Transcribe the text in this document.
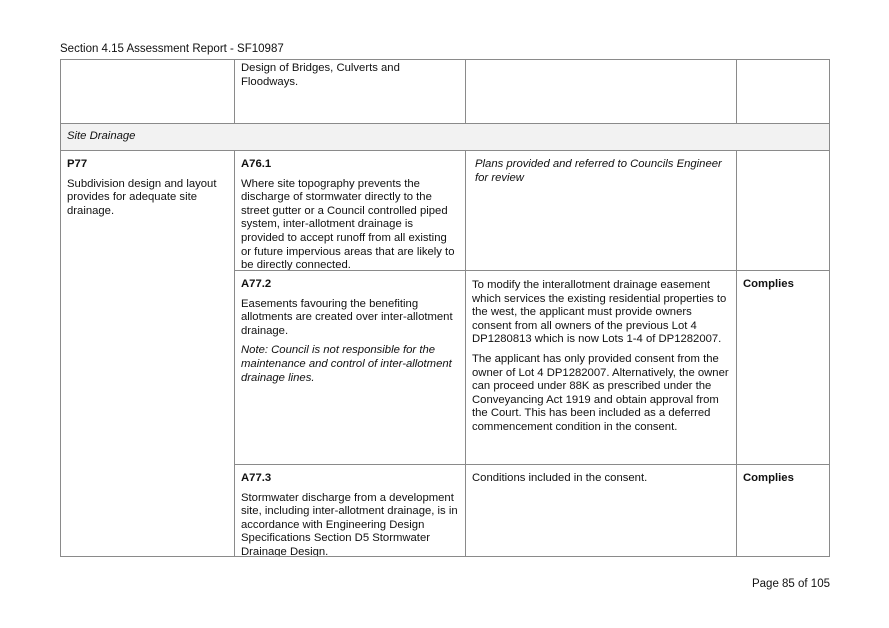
Section 4.15 Assessment Report - SF10987
Design of Bridges, Culverts and Floodways.
Site Drainage
P77
Subdivision design and layout provides for adequate site drainage.
A76.1
Where site topography prevents the discharge of stormwater directly to the street gutter or a Council controlled piped system, inter-allotment drainage is provided to accept runoff from all existing or future impervious areas that are likely to be directly connected.
Plans provided and referred to Councils Engineer for review
A77.2
Easements favouring the benefiting allotments are created over inter-allotment drainage.
Note: Council is not responsible for the maintenance and control of inter-allotment drainage lines.
To modify the interallotment drainage easement which services the existing residential properties to the west, the applicant must provide owners consent from all owners of the previous Lot 4 DP1280813 which is now Lots 1-4 of DP1282007.
The applicant has only provided consent from the owner of Lot 4 DP1282007. Alternatively, the owner can proceed under 88K as prescribed under the Conveyancing Act 1919 and obtain approval from the Court. This has been included as a deferred commencement condition in the consent.
Complies
A77.3
Stormwater discharge from a development site, including inter-allotment drainage, is in accordance with Engineering Design Specifications Section D5 Stormwater Drainage Design.
Conditions included in the consent.	Complies
Page 85 of 105
